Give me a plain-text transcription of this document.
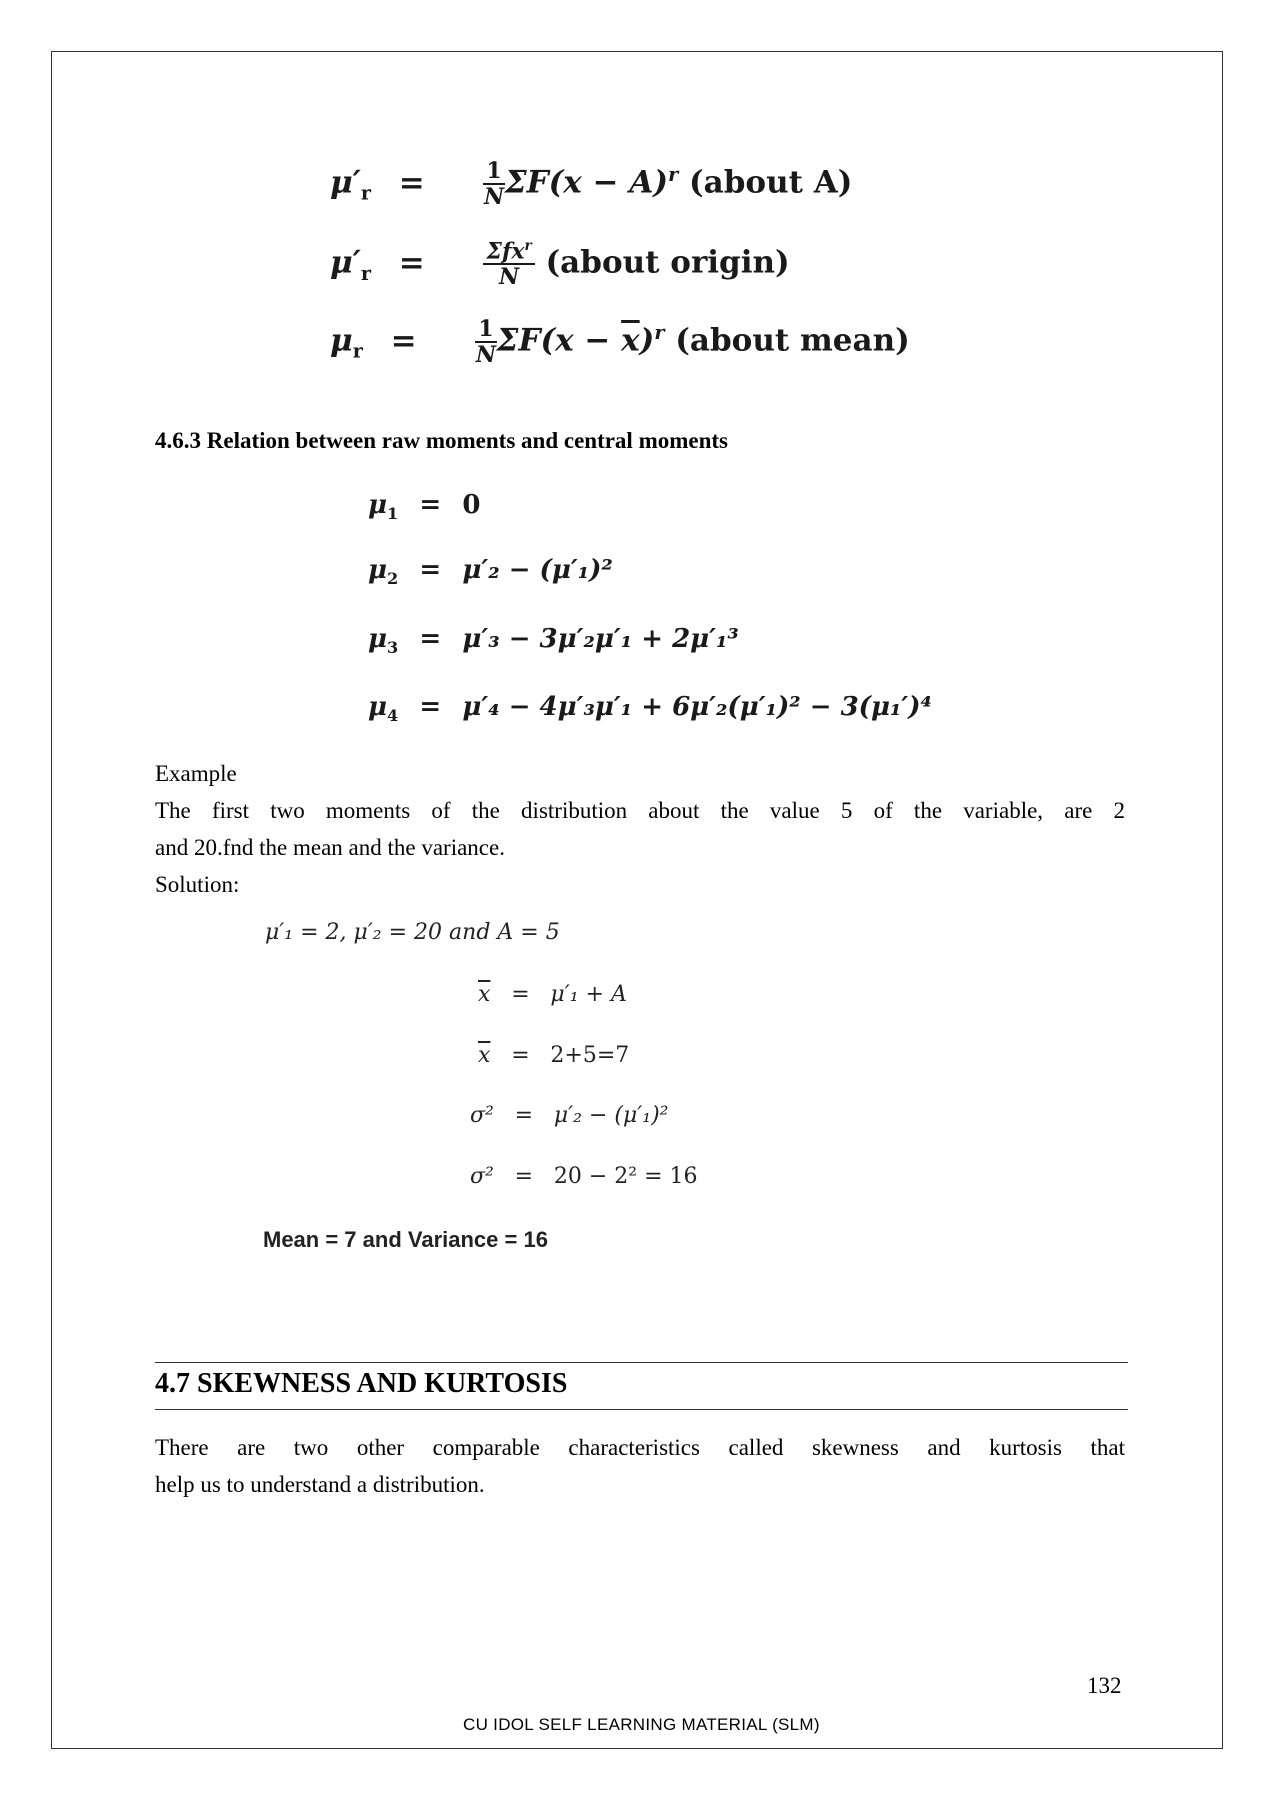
$\mu'_r$ =	$\frac{1}{N} \Sigma F(x - A)^r$ (about A)
$\mu'_r$ =	$\frac{\Sigma fx^r}{N}$ (about origin)
$\mu_r$ =	$\frac{1}{N} \Sigma F(x - \overline{x})^r$ (about mean)
4.6.3 Relation between raw moments and central moments
$\mu_1 = 0$
$\mu_2 = \mu'_2 - (\mu'_1)^2$
$\mu_3 = \mu'_3 - 3\mu'_2\mu'_1 + 2\mu'_1^3$
$\mu_4 = \mu'_4 - 4\mu'_3\mu'_1 + 6\mu'_2(\mu'_1)^2 - 3(\mu_1')^4$
Example
The first two moments of the distribution about the value 5 of the variable, are 2
and 20.fnd the mean and the variance.
Solution:
μ′₁ = 2, μ′₂ = 20 and A = 5
$\overline{x} = \mu'_1 + A$
$\overline{x} = 2+5=7$
σ² = μ′₂ − (μ′₁)²
σ² = 20 − 2² = 16
Mean = 7 and Variance = 16
4.7 SKEWNESS AND KURTOSIS
There are two other comparable characteristics called skewness and kurtosis that
help us to understand a distribution.
132
CU IDOL SELF LEARNING MATERIAL (SLM)
